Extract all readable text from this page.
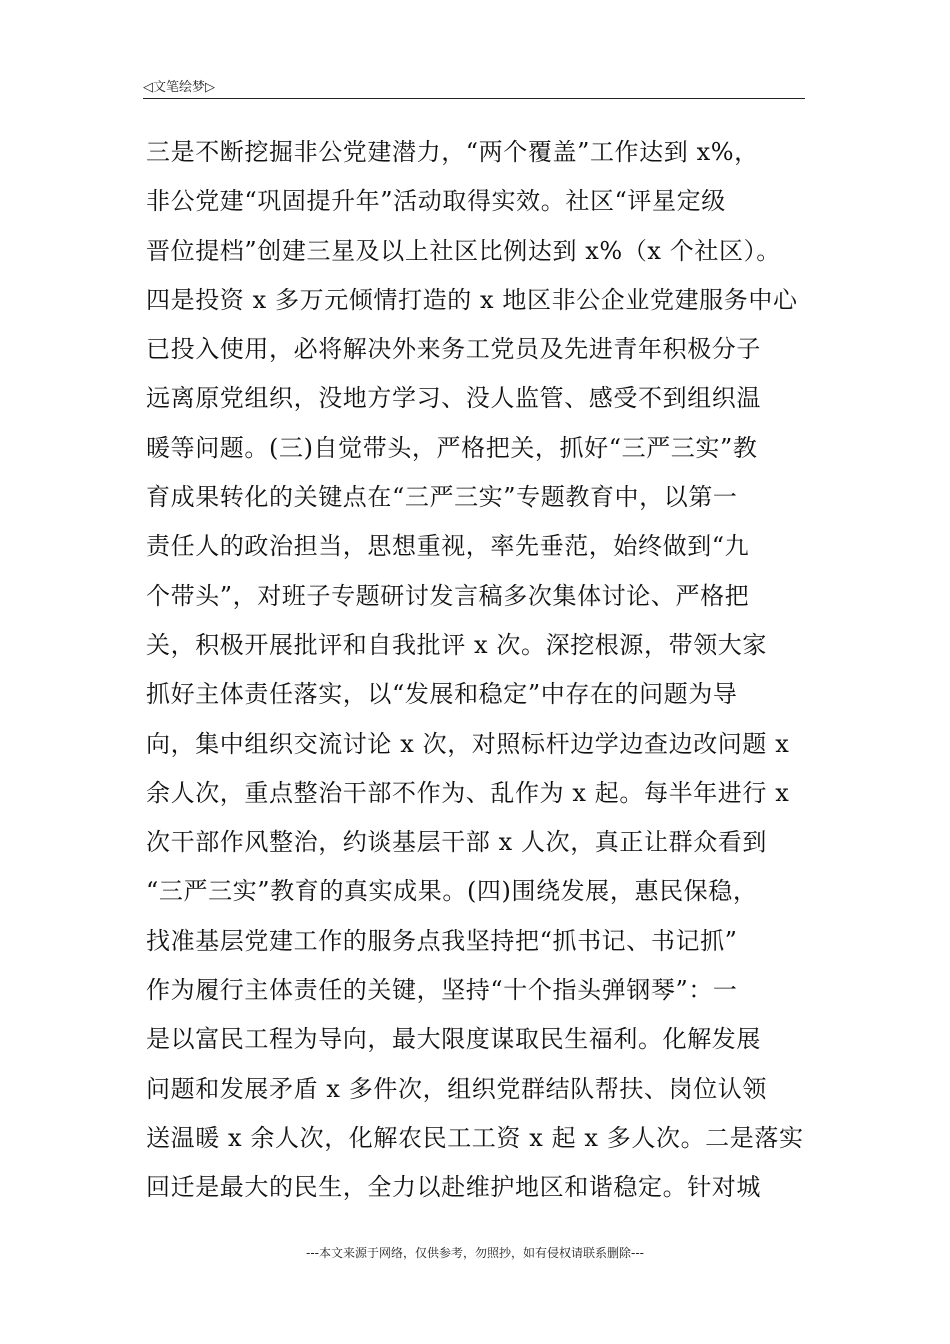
◁文笔绘梦▷
三是不断挖掘非公党建潜力，“两个覆盖”工作达到 x%，
非公党建“巩固提升年”活动取得实效。社区“评星定级
晋位提档”创建三星及以上社区比例达到 x%（x 个社区）。
四是投资 x 多万元倾情打造的 x 地区非公企业党建服务中心
已投入使用，必将解决外来务工党员及先进青年积极分子
远离原党组织，没地方学习、没人监管、感受不到组织温
暖等问题。(三)自觉带头，严格把关，抓好“三严三实”教
育成果转化的关键点在“三严三实”专题教育中，以第一
责任人的政治担当，思想重视，率先垂范，始终做到“九
个带头”，对班子专题研讨发言稿多次集体讨论、严格把
关，积极开展批评和自我批评 x 次。深挖根源，带领大家
抓好主体责任落实，以“发展和稳定”中存在的问题为导
向，集中组织交流讨论 x 次，对照标杆边学边查边改问题 x
余人次，重点整治干部不作为、乱作为 x 起。每半年进行 x
次干部作风整治，约谈基层干部 x 人次，真正让群众看到
“三严三实”教育的真实成果。(四)围绕发展，惠民保稳，
找准基层党建工作的服务点我坚持把“抓书记、书记抓”
作为履行主体责任的关键，坚持“十个指头弹钢琴”：一
是以富民工程为导向，最大限度谋取民生福利。化解发展
问题和发展矛盾 x 多件次，组织党群结队帮扶、岗位认领
送温暖 x 余人次，化解农民工工资 x 起 x 多人次。二是落实
回迁是最大的民生，全力以赴维护地区和谐稳定。针对城
---本文来源于网络，仅供参考，勿照抄，如有侵权请联系删除---
